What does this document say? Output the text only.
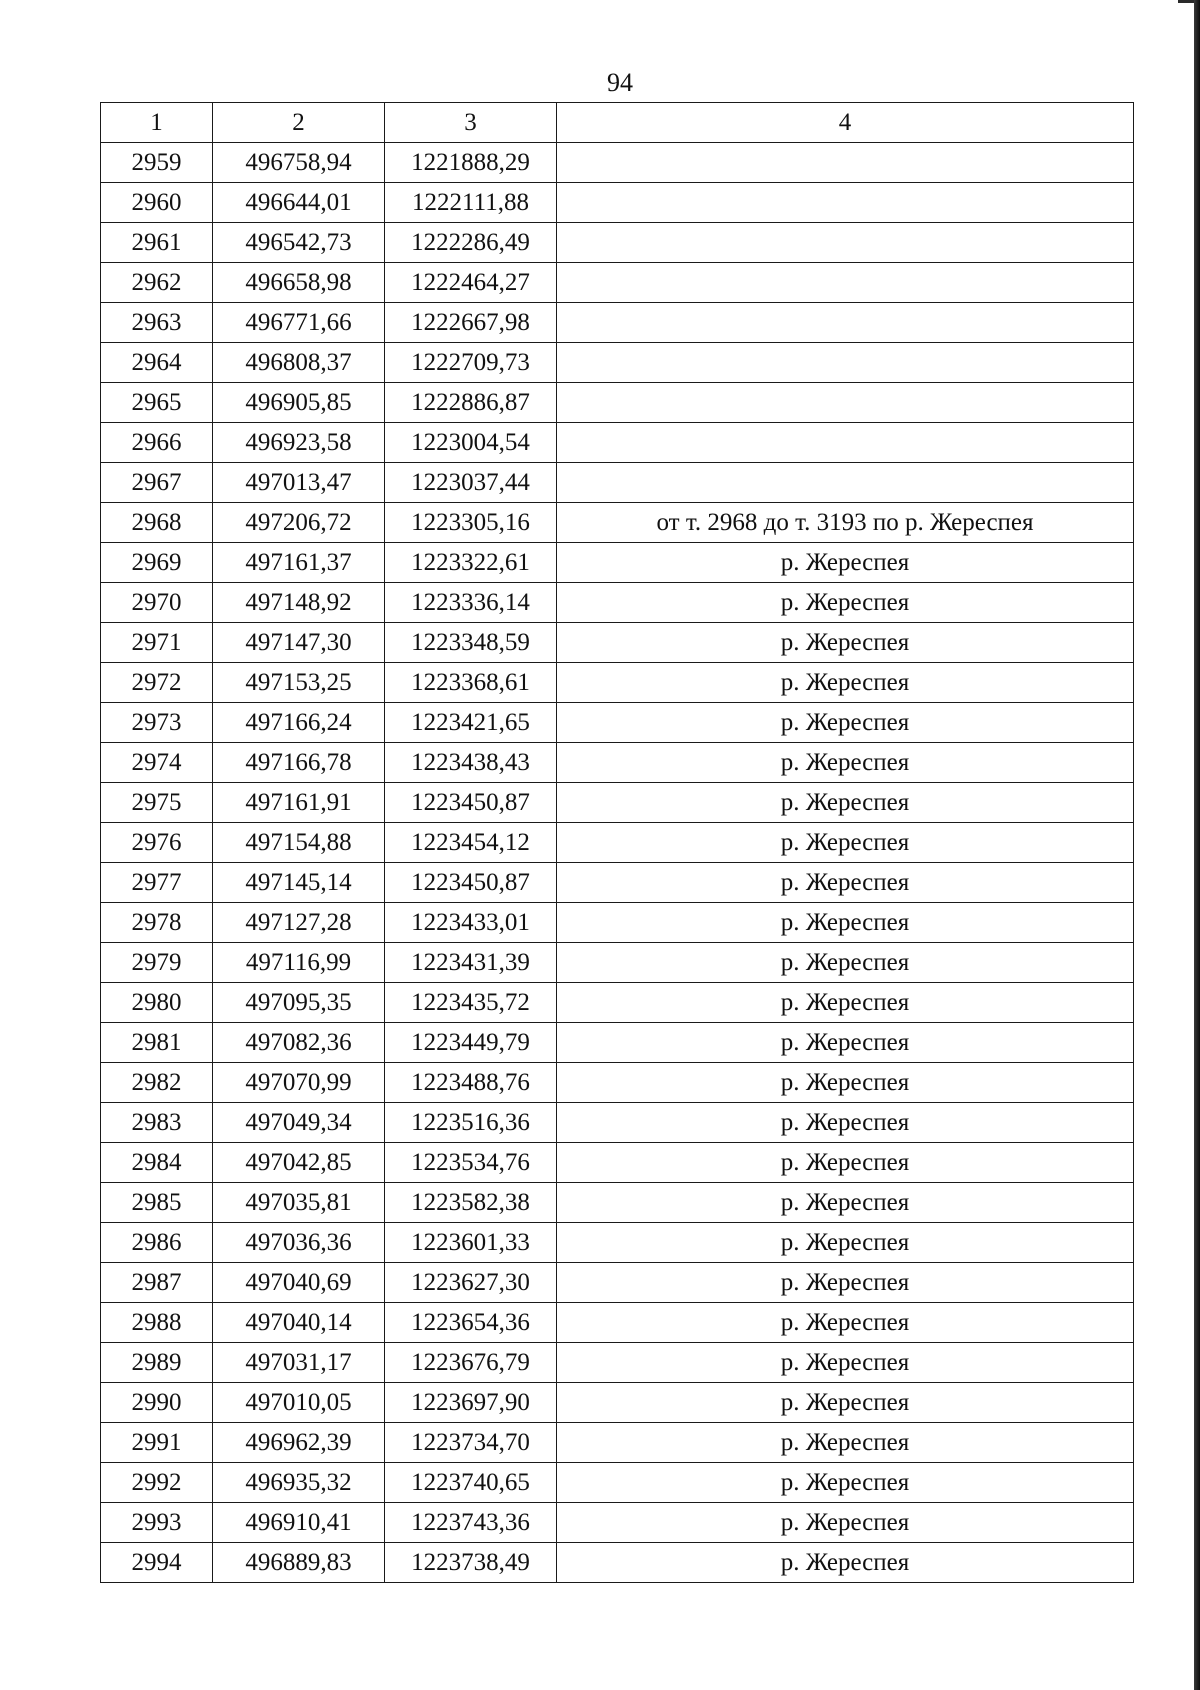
94
1	2	3	4
2959	496758,94	1221888,29	
2960	496644,01	1222111,88	
2961	496542,73	1222286,49	
2962	496658,98	1222464,27	
2963	496771,66	1222667,98	
2964	496808,37	1222709,73	
2965	496905,85	1222886,87	
2966	496923,58	1223004,54	
2967	497013,47	1223037,44	
2968	497206,72	1223305,16	от т. 2968 до т. 3193 по р. Жереспея
2969	497161,37	1223322,61	р. Жереспея
2970	497148,92	1223336,14	р. Жереспея
2971	497147,30	1223348,59	р. Жереспея
2972	497153,25	1223368,61	р. Жереспея
2973	497166,24	1223421,65	р. Жереспея
2974	497166,78	1223438,43	р. Жереспея
2975	497161,91	1223450,87	р. Жереспея
2976	497154,88	1223454,12	р. Жереспея
2977	497145,14	1223450,87	р. Жереспея
2978	497127,28	1223433,01	р. Жереспея
2979	497116,99	1223431,39	р. Жереспея
2980	497095,35	1223435,72	р. Жереспея
2981	497082,36	1223449,79	р. Жереспея
2982	497070,99	1223488,76	р. Жереспея
2983	497049,34	1223516,36	р. Жереспея
2984	497042,85	1223534,76	р. Жереспея
2985	497035,81	1223582,38	р. Жереспея
2986	497036,36	1223601,33	р. Жереспея
2987	497040,69	1223627,30	р. Жереспея
2988	497040,14	1223654,36	р. Жереспея
2989	497031,17	1223676,79	р. Жереспея
2990	497010,05	1223697,90	р. Жереспея
2991	496962,39	1223734,70	р. Жереспея
2992	496935,32	1223740,65	р. Жереспея
2993	496910,41	1223743,36	р. Жереспея
2994	496889,83	1223738,49	р. Жереспея
